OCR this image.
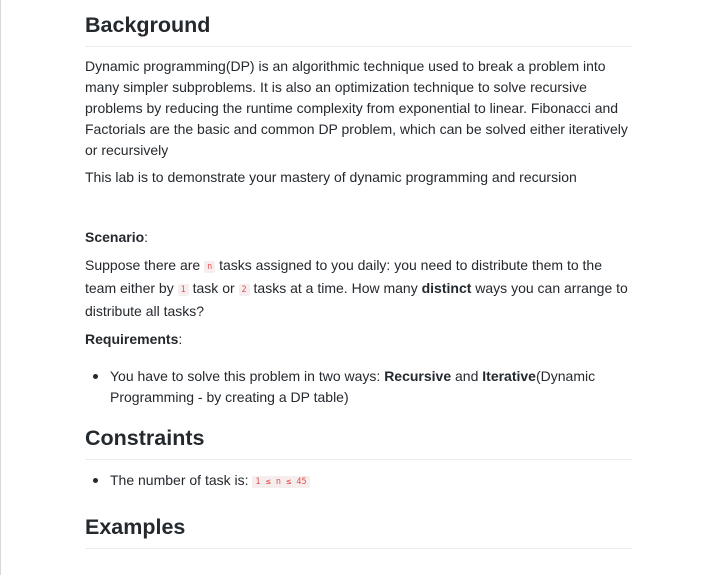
Background

Dynamic programming(DP) is an algorithmic technique used to break a problem into many simpler subproblems. It is also an optimization technique to solve recursive problems by reducing the runtime complexity from exponential to linear. Fibonacci and Factorials are the basic and common DP problem, which can be solved either iteratively or recursively

This lab is to demonstrate your mastery of dynamic programming and recursion

Scenario:

Suppose there are n tasks assigned to you daily: you need to distribute them to the team either by 1 task or 2 tasks at a time. How many distinct ways you can arrange to distribute all tasks?

Requirements:
You have to solve this problem in two ways: Recursive and Iterative(Dynamic Programming - by creating a DP table)
Constraints
The number of task is: 1 ≤ n ≤ 45
Examples
